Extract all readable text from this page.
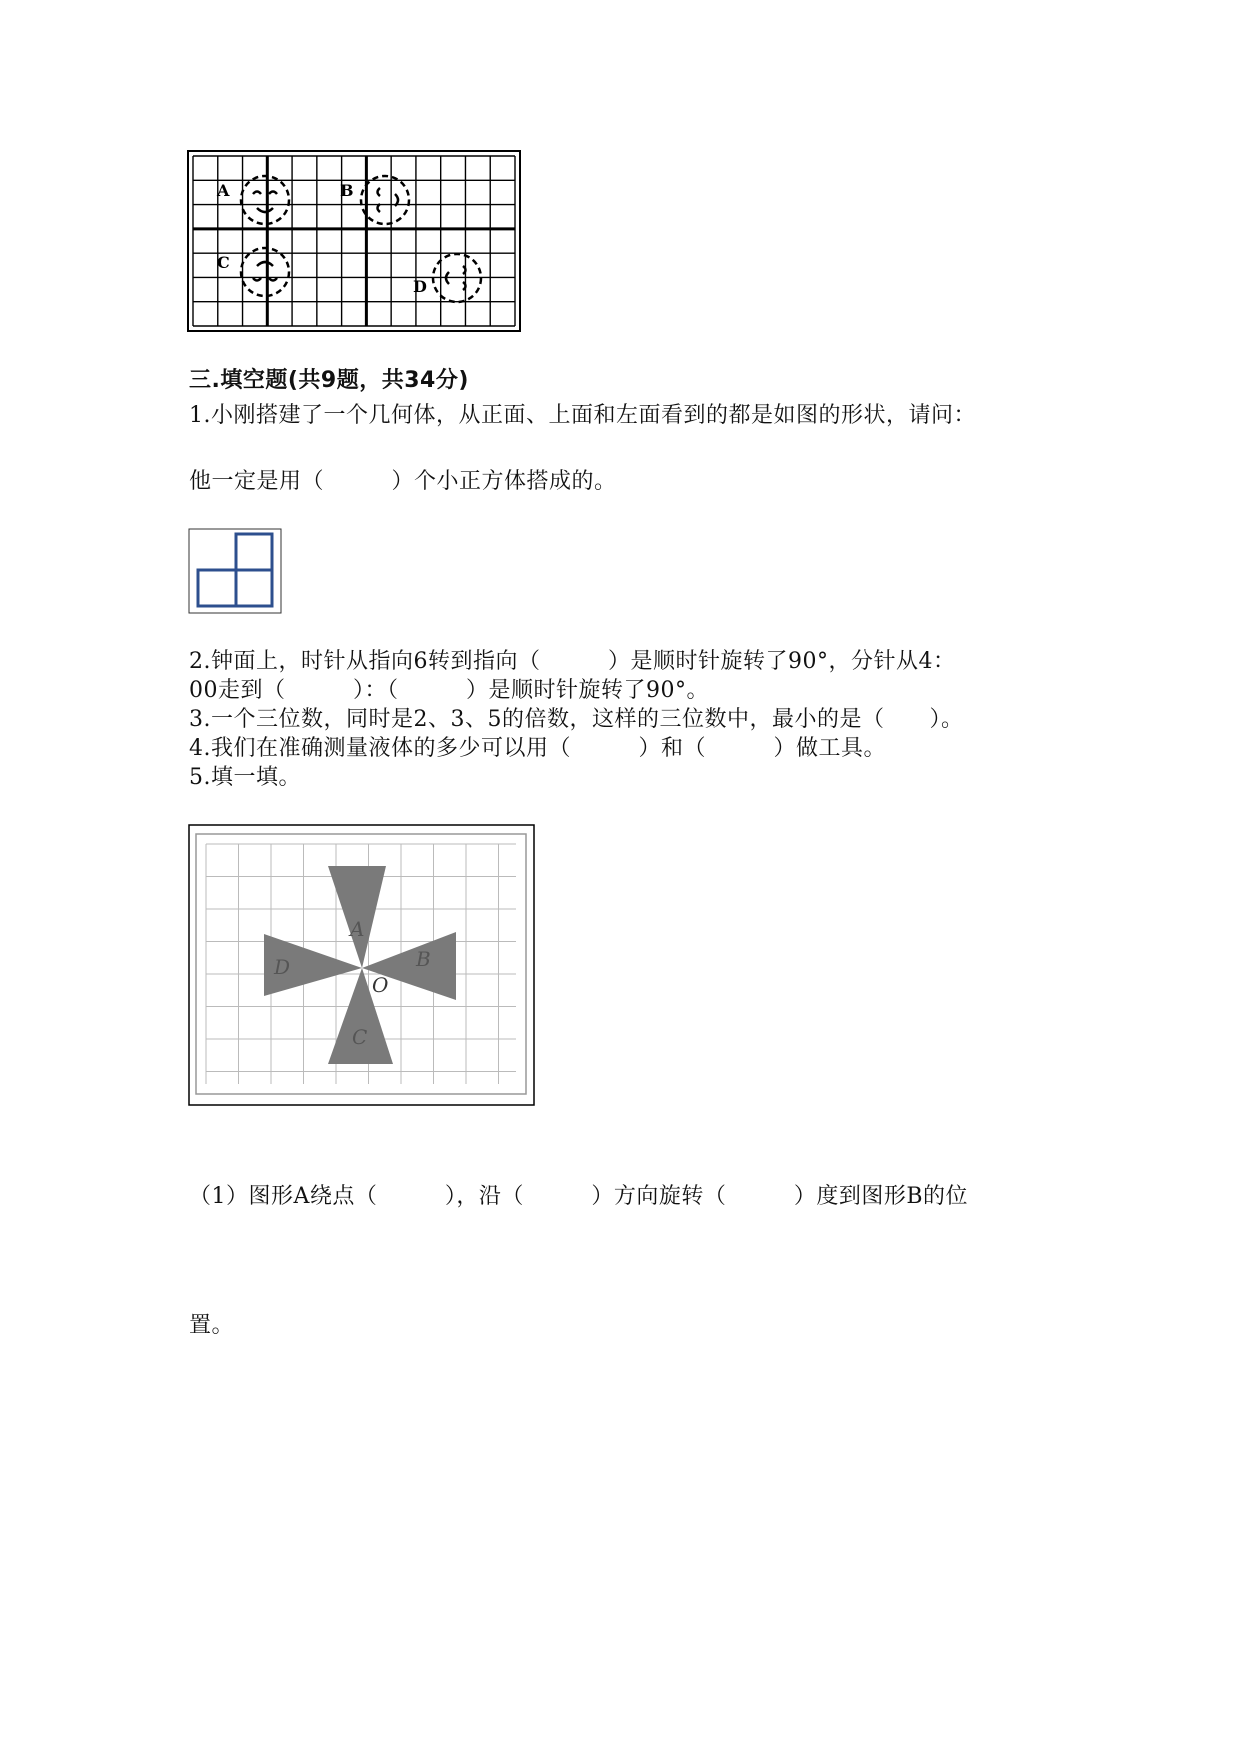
A	B
C
D
三.填空题(共9题，共34分)
1.小刚搭建了一个几何体，从正面、上面和左面看到的都是如图的形状，请问：
他一定是用（　　　）个小正方体搭成的。
2.钟面上，时针从指向6转到指向（　　　）是顺时针旋转了90°，分针从4：
00走到（　　　）：（　　　）是顺时针旋转了90°。
3.一个三位数，同时是2、3、5的倍数，这样的三位数中，最小的是（　　）。
4.我们在准确测量液体的多少可以用（　　　）和（　　　）做工具。
5.填一填。
A
B
C
D
O
（1）图形A绕点（　　　），沿（　　　）方向旋转（　　　）度到图形B的位
置。
